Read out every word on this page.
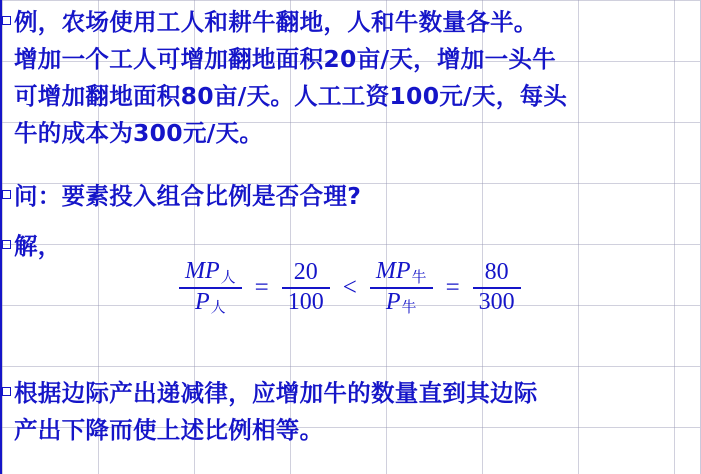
例，农场使用工人和耕牛翻地，人和牛数量各半。
增加一个工人可增加翻地面积20亩/天，增加一头牛
可增加翻地面积80亩/天。人工工资100元/天，每头
牛的成本为300元/天。
问：要素投入组合比例是否合理?
解，
$\frac{MP_人}{P_人} = \frac{20}{100} < \frac{MP_牛}{P_牛} = \frac{80}{300}$
根据边际产出递减律，应增加牛的数量直到其边际
产出下降而使上述比例相等。
